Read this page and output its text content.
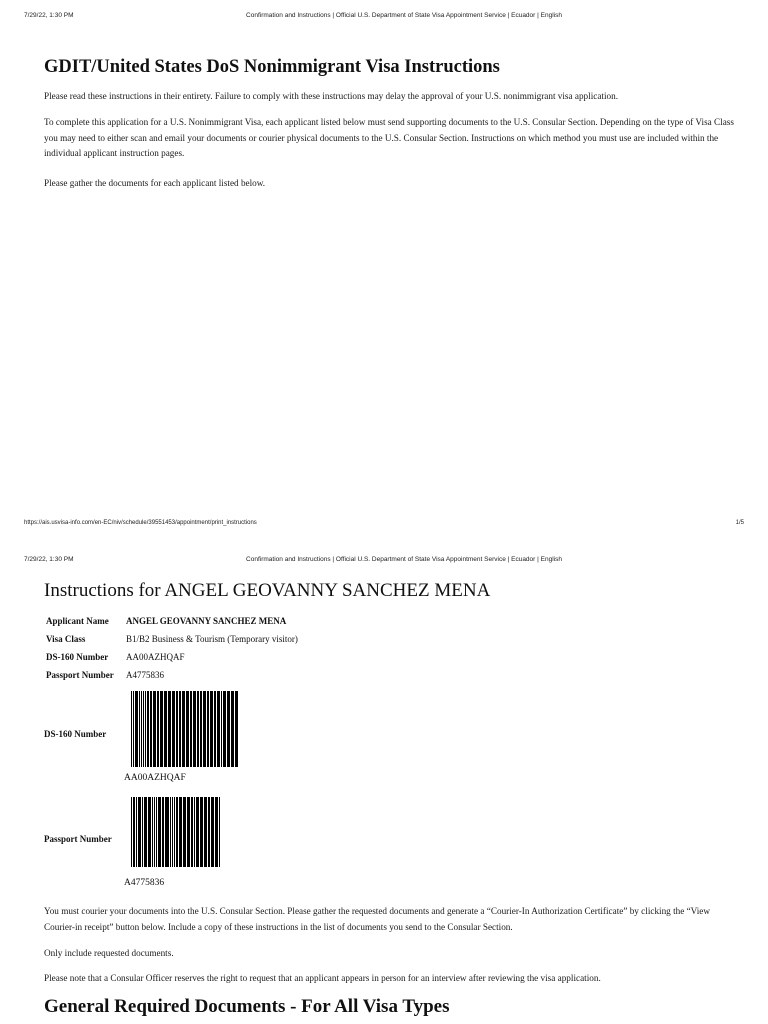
7/29/22, 1:30 PM	Confirmation and Instructions | Official U.S. Department of State Visa Appointment Service | Ecuador | English
GDIT/United States DoS Nonimmigrant Visa Instructions

Please read these instructions in their entirety. Failure to comply with these instructions may delay the approval of your U.S. nonimmigrant visa application.

To complete this application for a U.S. Nonimmigrant Visa, each applicant listed below must send supporting documents to the U.S. Consular Section. Depending on the type of Visa Class you may need to either scan and email your documents or courier physical documents to the U.S. Consular Section. Instructions on which method you must use are included within the individual applicant instruction pages.

Please gather the documents for each applicant listed below.

https://ais.usvisa-info.com/en-EC/niv/schedule/39551453/appointment/print_instructions	1/5
7/29/22, 1:30 PM	Confirmation and Instructions | Official U.S. Department of State Visa Appointment Service | Ecuador | English
Instructions for ANGEL GEOVANNY SANCHEZ MENA
Applicant Name	ANGEL GEOVANNY SANCHEZ MENA
Visa Class	B1/B2 Business & Tourism (Temporary visitor)
DS-160 Number	AA00AZHQAF
Passport Number	A4775836
DS-160 Number
AA00AZHQAF
Passport Number
A4775836

You must courier your documents into the U.S. Consular Section. Please gather the requested documents and generate a “Courier-In Authorization Certificate” by clicking the “View Courier-in receipt” button below. Include a copy of these instructions in the list of documents you send to the Consular Section.

Only include requested documents.

Please note that a Consular Officer reserves the right to request that an applicant appears in person for an interview after reviewing the visa application.

General Required Documents - For All Visa Types
